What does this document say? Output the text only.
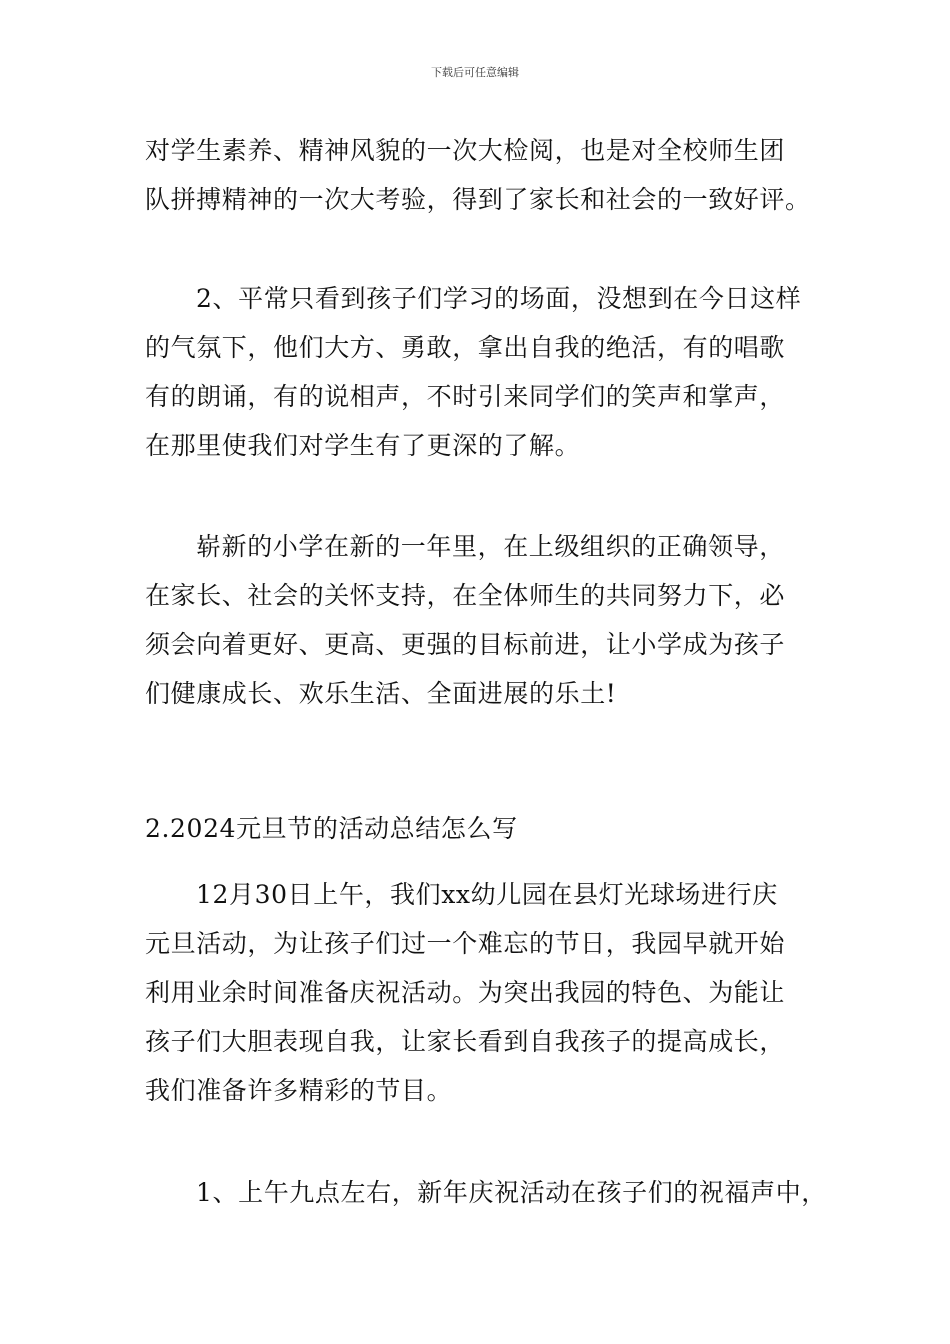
下载后可任意编辑
对学生素养、精神风貌的一次大检阅，也是对全校师生团
队拼搏精神的一次大考验，得到了家长和社会的一致好评。
2、平常只看到孩子们学习的场面，没想到在今日这样
的气氛下，他们大方、勇敢，拿出自我的绝活，有的唱歌
有的朗诵，有的说相声，不时引来同学们的笑声和掌声，
在那里使我们对学生有了更深的了解。
崭新的小学在新的一年里，在上级组织的正确领导，
在家长、社会的关怀支持，在全体师生的共同努力下，必
须会向着更好、更高、更强的目标前进，让小学成为孩子
们健康成长、欢乐生活、全面进展的乐土!
2.2024元旦节的活动总结怎么写
12月30日上午，我们xx幼儿园在县灯光球场进行庆
元旦活动，为让孩子们过一个难忘的节日，我园早就开始
利用业余时间准备庆祝活动。为突出我园的特色、为能让
孩子们大胆表现自我，让家长看到自我孩子的提高成长，
我们准备许多精彩的节目。
1、上午九点左右，新年庆祝活动在孩子们的祝福声中，
